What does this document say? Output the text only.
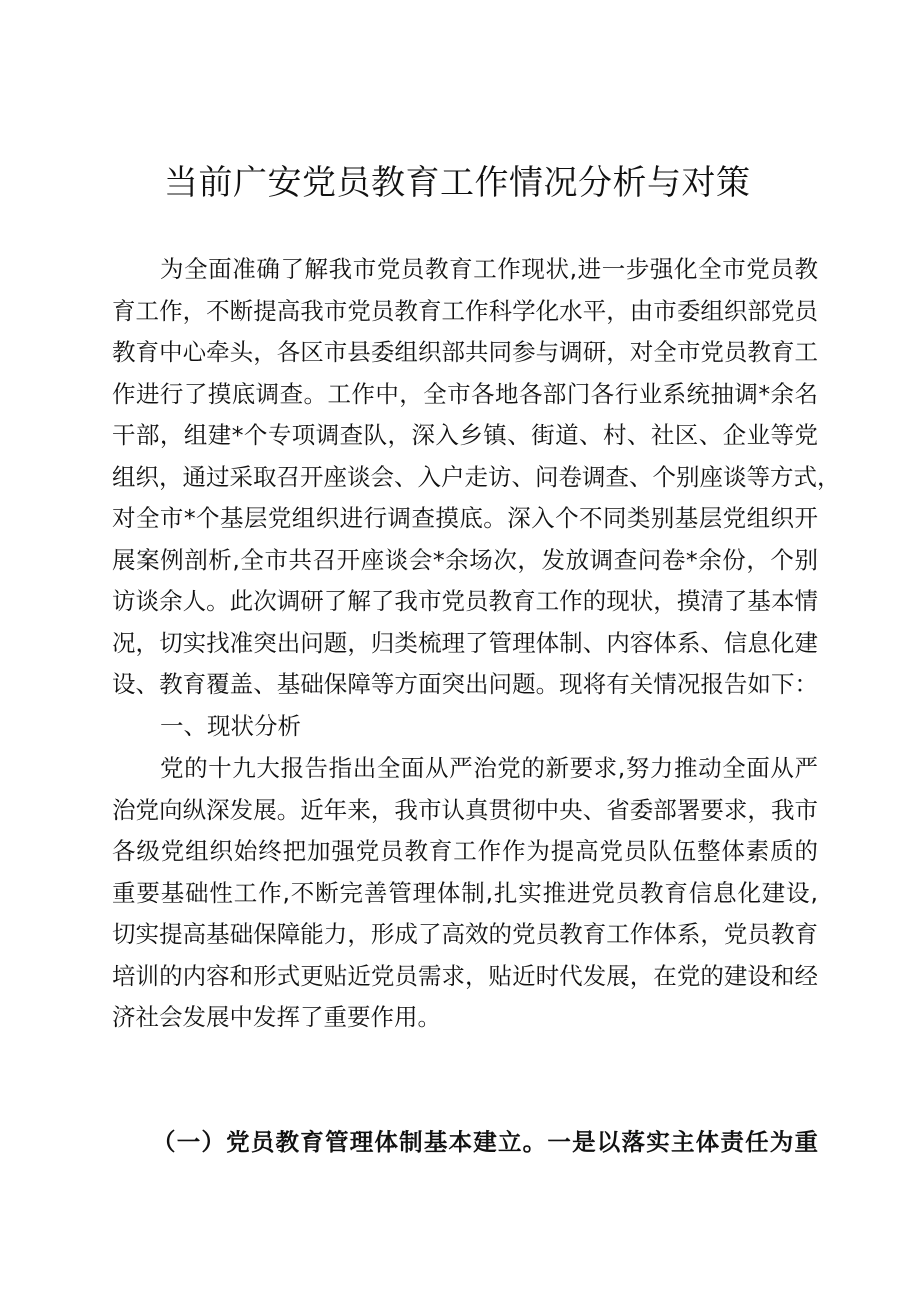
当前广安党员教育工作情况分析与对策
为全面准确了解我市党员教育工作现状,进一步强化全市党员教
育工作，不断提高我市党员教育工作科学化水平，由市委组织部党员
教育中心牵头，各区市县委组织部共同参与调研，对全市党员教育工
作进行了摸底调查。工作中，全市各地各部门各行业系统抽调*余名
干部，组建*个专项调查队，深入乡镇、街道、村、社区、企业等党
组织，通过采取召开座谈会、入户走访、问卷调查、个别座谈等方式，
对全市*个基层党组织进行调查摸底。深入个不同类别基层党组织开
展案例剖析,全市共召开座谈会*余场次，发放调查问卷*余份，个别
访谈余人。此次调研了解了我市党员教育工作的现状，摸清了基本情
况，切实找准突出问题，归类梳理了管理体制、内容体系、信息化建
设、教育覆盖、基础保障等方面突出问题。现将有关情况报告如下：
一、现状分析
党的十九大报告指出全面从严治党的新要求,努力推动全面从严
治党向纵深发展。近年来，我市认真贯彻中央、省委部署要求，我市
各级党组织始终把加强党员教育工作作为提高党员队伍整体素质的
重要基础性工作,不断完善管理体制,扎实推进党员教育信息化建设,
切实提高基础保障能力，形成了高效的党员教育工作体系，党员教育
培训的内容和形式更贴近党员需求，贴近时代发展，在党的建设和经
济社会发展中发挥了重要作用。
（一）党员教育管理体制基本建立。一是以落实主体责任为重
